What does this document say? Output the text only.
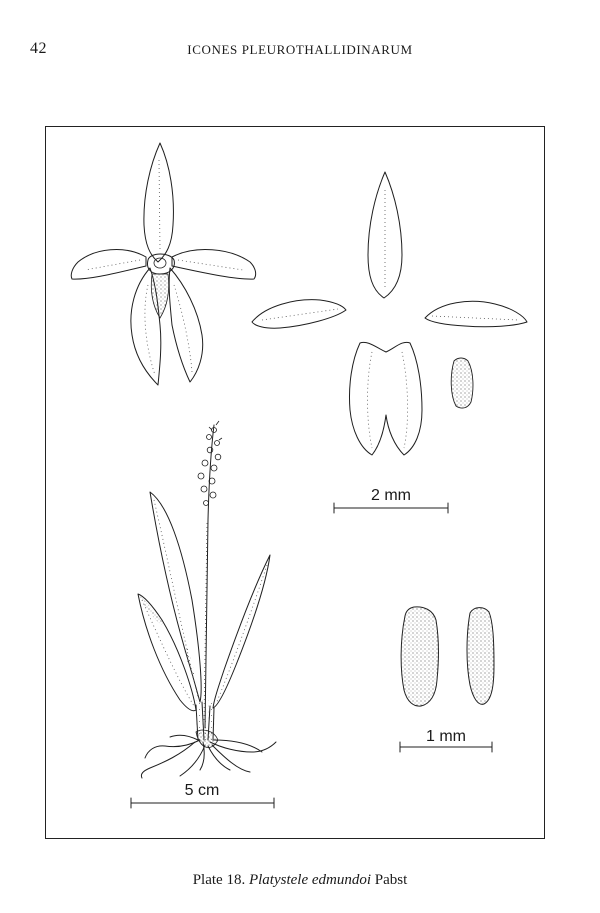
42	ICONES PLEUROTHALLIDINARUM
2 mm
5 cm
1 mm
Plate 18. Platystele edmundoi Pabst
